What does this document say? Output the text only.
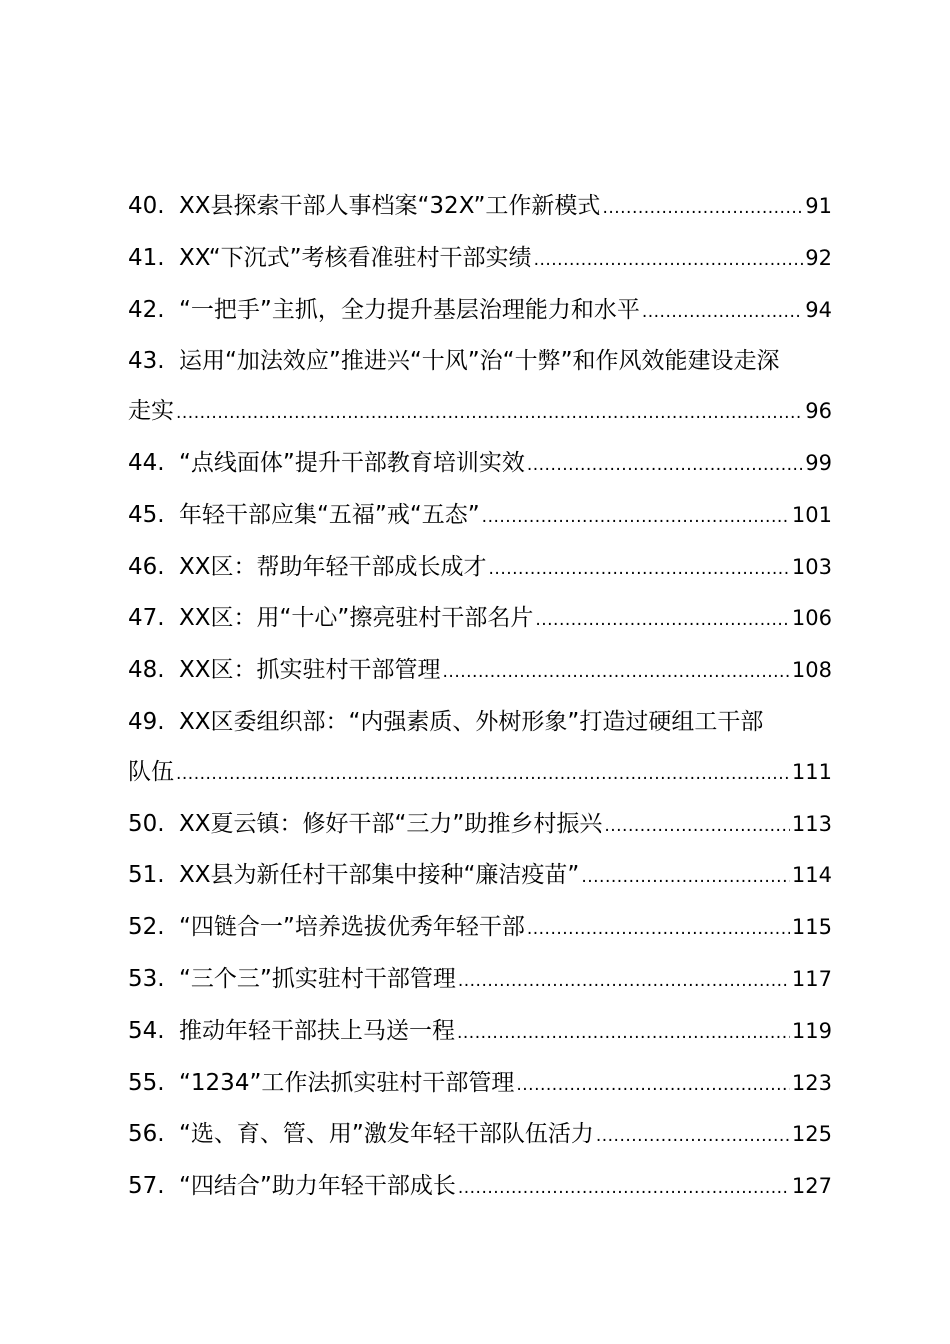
40. XX县探索干部人事档案“32X”工作新模式 .....	91
41. XX“下沉式”考核看准驻村干部实绩 .....	92
42. “一把手”主抓，全力提升基层治理能力和水平 .....	94
43. 运用“加法效应”推进兴“十风”治“十弊”和作风效能建设走深
走实 .....	96
44. “点线面体”提升干部教育培训实效 .....	99
45. 年轻干部应集“五福”戒“五态” .....	101
46. XX区：帮助年轻干部成长成才 .....	103
47. XX区：用“十心”擦亮驻村干部名片 .....	106
48. XX区：抓实驻村干部管理 .....	108
49. XX区委组织部：“内强素质、外树形象”打造过硬组工干部
队伍 .....	111
50. XX夏云镇：修好干部“三力”助推乡村振兴 .....	113
51. XX县为新任村干部集中接种“廉洁疫苗” .....	114
52. “四链合一”培养选拔优秀年轻干部 .....	115
53. “三个三”抓实驻村干部管理 .....	117
54. 推动年轻干部扶上马送一程 .....	119
55. “1234”工作法抓实驻村干部管理 .....	123
56. “选、育、管、用”激发年轻干部队伍活力 .....	125
57. “四结合”助力年轻干部成长 .....	127
